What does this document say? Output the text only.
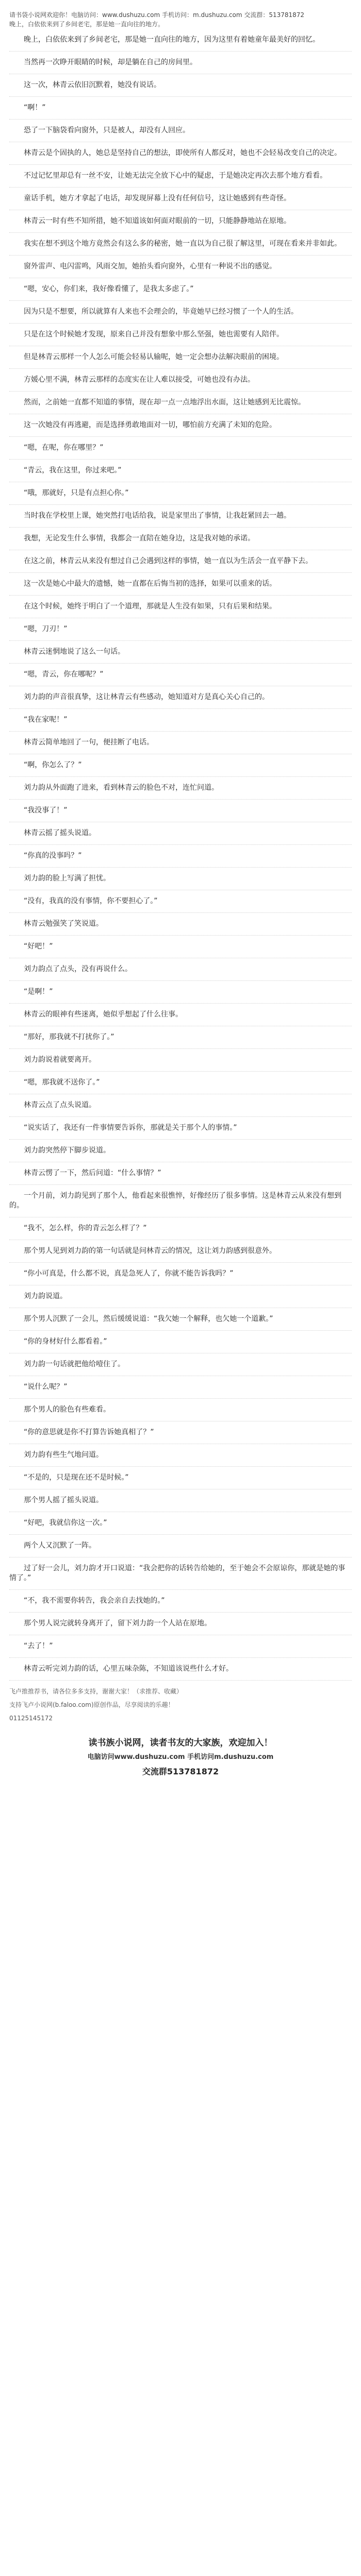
请书袋小说网欢迎你！电脑访问：www.dushuzu.com 手机访问：m.dushuzu.com 交流群：513781872
晚上，白依依来到了乡间老宅，那是她一直向往的地方。

晚上，白依依来到了乡间老宅，那是她一直向往的地方，因为这里有着她童年最美好的回忆。

当然再一次睁开眼睛的时候，却是躺在自己的房间里。

这一次，林青云依旧沉默着，她没有说话。

“啊！”

恐了一下脑袋看向窗外，只是被人，却没有人回应。

林青云是个固执的人，她总是坚持自己的想法，即使所有人都反对，她也不会轻易改变自己的决定。

不过记忆里却总有一丝不安，让她无法完全放下心中的疑虑，于是她决定再次去那个地方看看。

童话手机，她方才拿起了电话，却发现屏幕上没有任何信号，这让她感到有些奇怪。

林青云一时有些不知所措，她不知道该如何面对眼前的一切，只能静静地站在原地。

我实在想不到这个地方竟然会有这么多的秘密，她一直以为自己很了解这里，可现在看来并非如此。

窗外雷声、电闪雷鸣，风雨交加，她抬头看向窗外，心里有一种说不出的感觉。

“嗯，安心，你们来，我好像看懂了，是我太多虑了。”

因为只是不想要，所以就算有人来也不会理会的，毕竟她早已经习惯了一个人的生活。

只是在这个时候她才发现，原来自己并没有想象中那么坚强，她也需要有人陪伴。

但是林青云那样一个人怎么可能会轻易认输呢，她一定会想办法解决眼前的困境。

方媛心里不满，林青云那样的态度实在让人难以接受，可她也没有办法。

然而，之前她一直都不知道的事情，现在却一点一点地浮出水面，这让她感到无比震惊。

这一次她没有再逃避，而是选择勇敢地面对一切，哪怕前方充满了未知的危险。

“嗯，在呢，你在哪里？”

“青云，我在这里，你过来吧。”

“哦，那就好，只是有点担心你。”

当时我在学校里上课，她突然打电话给我，说是家里出了事情，让我赶紧回去一趟。

我想，无论发生什么事情，我都会一直陪在她身边，这是我对她的承诺。

在这之前，林青云从来没有想过自己会遇到这样的事情，她一直以为生活会一直平静下去。

这一次是她心中最大的遗憾，她一直都在后悔当初的选择，如果可以重来的话。

在这个时候，她终于明白了一个道理，那就是人生没有如果，只有后果和结果。

“嗯，刀刃！”

林青云迷惘地说了这么一句话。

“嗯，青云，你在哪呢？”

刘力韵的声音很真挚，这让林青云有些感动，她知道对方是真心关心自己的。

“我在家呢！”

林青云简单地回了一句，便挂断了电话。

“啊，你怎么了？”

刘力韵从外面跑了进来，看到林青云的脸色不对，连忙问道。

“我没事了！”

林青云摇了摇头说道。

“你真的没事吗？”

刘力韵的脸上写满了担忧。

“没有，我真的没有事情，你不要担心了。”

林青云勉强笑了笑说道。

“好吧！”

刘力韵点了点头，没有再说什么。

“是啊！”

林青云的眼神有些迷离，她似乎想起了什么往事。

“那好，那我就不打扰你了。”

刘力韵说着就要离开。

“嗯，那我就不送你了。”

林青云点了点头说道。

“说实话了，我还有一件事情要告诉你，那就是关于那个人的事情。”

刘力韵突然停下脚步说道。

林青云愣了一下，然后问道：“什么事情？”

一个月前，刘力韵见到了那个人，他看起来很憔悴，好像经历了很多事情。这是林青云从来没有想到的。

“我不，怎么样，你的青云怎么样了？”

那个男人见到刘力韵的第一句话就是问林青云的情况，这让刘力韵感到很意外。

“你小可真是，什么都不说，真是急死人了，你就不能告诉我吗？”

刘力韵说道。

那个男人沉默了一会儿，然后缓缓说道：“我欠她一个解释，也欠她一个道歉。”

“你的身材好什么都看着。”

刘力韵一句话就把他给噎住了。

“说什么呢？”

那个男人的脸色有些难看。

“你的意思就是你不打算告诉她真相了？”

刘力韵有些生气地问道。

“不是的，只是现在还不是时候。”

那个男人摇了摇头说道。

“好吧，我就信你这一次。”

两个人又沉默了一阵。

过了好一会儿，刘力韵才开口说道：“我会把你的话转告给她的，至于她会不会原谅你，那就是她的事情了。”

“不，我不需要你转告，我会亲自去找她的。”

那个男人说完就转身离开了，留下刘力韵一个人站在原地。

“去了！”

林青云听完刘力韵的话，心里五味杂陈，不知道该说些什么才好。

飞卢推推荐书，请各位多多支持，谢谢大家！（求推荐、收藏）
支持飞卢小说网(b.faloo.com)原创作品，尽享阅读的乐趣！
01125145172
读书族小说网，读者书友的大家族，欢迎加入！
电脑访问www.dushuzu.com 手机访问m.dushuzu.com
交流群513781872
